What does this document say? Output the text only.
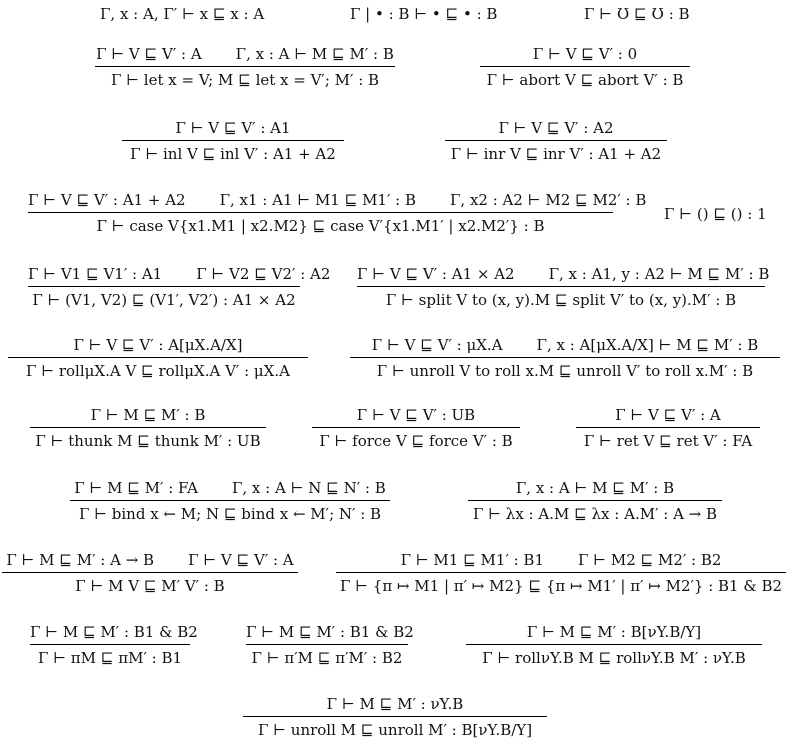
Γ, x : A, Γ′ ⊢ x ⊑ x : A	Γ | • : B ⊢ • ⊑ • : B	Γ ⊢ Ʊ ⊑ Ʊ : B
Γ ⊢ V ⊑ V′ : A Γ, x : A ⊢ M ⊑ M′ : B
Γ ⊢ let x = V; M ⊑ let x = V′; M′ : B
Γ ⊢ V ⊑ V′ : 0
Γ ⊢ abort V ⊑ abort V′ : B
Γ ⊢ V ⊑ V′ : A1
Γ ⊢ inl V ⊑ inl V′ : A1 + A2
Γ ⊢ V ⊑ V′ : A2
Γ ⊢ inr V ⊑ inr V′ : A1 + A2
Γ ⊢ V ⊑ V′ : A1 + A2 Γ, x1 : A1 ⊢ M1 ⊑ M1′ : B Γ, x2 : A2 ⊢ M2 ⊑ M2′ : B
Γ ⊢ case V{x1.M1 | x2.M2} ⊑ case V′{x1.M1′ | x2.M2′} : B
Γ ⊢ () ⊑ () : 1
Γ ⊢ V1 ⊑ V1′ : A1 Γ ⊢ V2 ⊑ V2′ : A2
Γ ⊢ (V1, V2) ⊑ (V1′, V2′) : A1 × A2
Γ ⊢ V ⊑ V′ : A1 × A2 Γ, x : A1, y : A2 ⊢ M ⊑ M′ : B
Γ ⊢ split V to (x, y).M ⊑ split V′ to (x, y).M′ : B
Γ ⊢ V ⊑ V′ : A[μX.A/X]
Γ ⊢ rollμX.A V ⊑ rollμX.A V′ : μX.A
Γ ⊢ V ⊑ V′ : μX.A Γ, x : A[μX.A/X] ⊢ M ⊑ M′ : B
Γ ⊢ unroll V to roll x.M ⊑ unroll V′ to roll x.M′ : B
Γ ⊢ M ⊑ M′ : B
Γ ⊢ thunk M ⊑ thunk M′ : UB
Γ ⊢ V ⊑ V′ : UB
Γ ⊢ force V ⊑ force V′ : B
Γ ⊢ V ⊑ V′ : A
Γ ⊢ ret V ⊑ ret V′ : FA
Γ ⊢ M ⊑ M′ : FA Γ, x : A ⊢ N ⊑ N′ : B
Γ ⊢ bind x ← M; N ⊑ bind x ← M′; N′ : B
Γ, x : A ⊢ M ⊑ M′ : B
Γ ⊢ λx : A.M ⊑ λx : A.M′ : A → B
Γ ⊢ M ⊑ M′ : A → B Γ ⊢ V ⊑ V′ : A
Γ ⊢ M V ⊑ M′ V′ : B
Γ ⊢ M1 ⊑ M1′ : B1 Γ ⊢ M2 ⊑ M2′ : B2
Γ ⊢ {π ↦ M1 | π′ ↦ M2} ⊑ {π ↦ M1′ | π′ ↦ M2′} : B1 & B2
Γ ⊢ M ⊑ M′ : B1 & B2
Γ ⊢ πM ⊑ πM′ : B1
Γ ⊢ M ⊑ M′ : B1 & B2
Γ ⊢ π′M ⊑ π′M′ : B2
Γ ⊢ M ⊑ M′ : B[νY.B/Y]
Γ ⊢ rollνY.B M ⊑ rollνY.B M′ : νY.B
Γ ⊢ M ⊑ M′ : νY.B
Γ ⊢ unroll M ⊑ unroll M′ : B[νY.B/Y]
